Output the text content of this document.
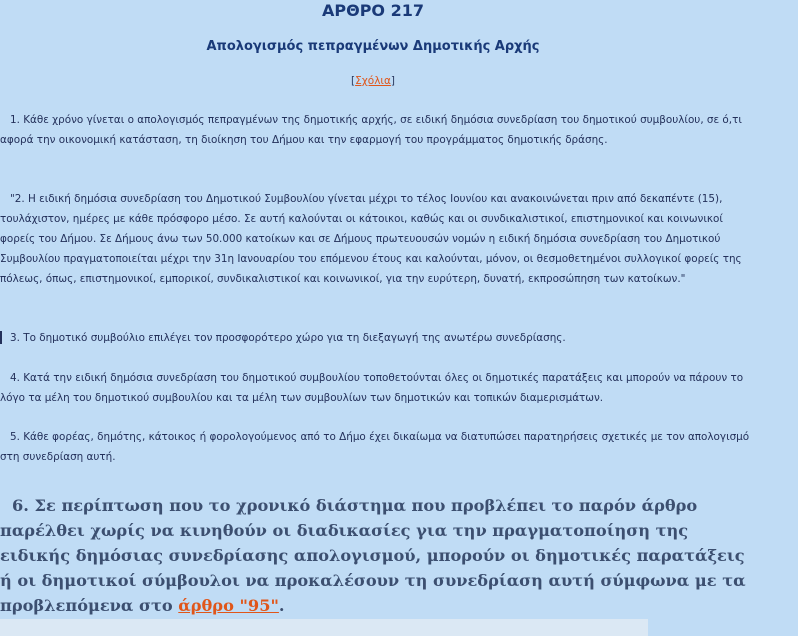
ΑΡΘΡΟ 217
Απολογισμός πεπραγμένων Δημοτικής Αρχής
[Σχόλια]

1. Κάθε χρόνο γίνεται ο απολογισμός πεπραγμένων της δημοτικής αρχής, σε ειδική δημόσια συνεδρίαση του δημοτικού συμβουλίου, σε ό,τι αφορά την οικονομική κατάσταση, τη διοίκηση του Δήμου και την εφαρμογή του προγράμματος δημοτικής δράσης.

"2. Η ειδική δημόσια συνεδρίαση του Δημοτικού Συμβουλίου γίνεται μέχρι το τέλος Ιουνίου και ανακοινώνεται πριν από δεκαπέντε (15), τουλάχιστον, ημέρες με κάθε πρόσφορο μέσο. Σε αυτή καλούνται οι κάτοικοι, καθώς και οι συνδικαλιστικοί, επιστημονικοί και κοινωνικοί φορείς του Δήμου. Σε Δήμους άνω των 50.000 κατοίκων και σε Δήμους πρωτευουσών νομών η ειδική δημόσια συνεδρίαση του Δημοτικού Συμβουλίου πραγματοποιείται μέχρι την 31η Ιανουαρίου του επόμενου έτους και καλούνται, μόνον, οι θεσμοθετημένοι συλλογικοί φορείς της πόλεως, όπως, επιστημονικοί, εμπορικοί, συνδικαλιστικοί και κοινωνικοί, για την ευρύτερη, δυνατή, εκπροσώπηση των κατοίκων."

3. Το δημοτικό συμβούλιο επιλέγει τον προσφορότερο χώρο για τη διεξαγωγή της ανωτέρω συνεδρίασης.

4. Κατά την ειδική δημόσια συνεδρίαση του δημοτικού συμβουλίου τοποθετούνται όλες οι δημοτικές παρατάξεις και μπορούν να πάρουν το λόγο τα μέλη του δημοτικού συμβουλίου και τα μέλη των συμβουλίων των δημοτικών και τοπικών διαμερισμάτων.

5. Κάθε φορέας, δημότης, κάτοικος ή φορολογούμενος από το Δήμο έχει δικαίωμα να διατυπώσει παρατηρήσεις σχετικές με τον απολογισμό στη συνεδρίαση αυτή.

6. Σε περίπτωση που το χρονικό διάστημα που προβλέπει το παρόν άρθρο παρέλθει χωρίς να κινηθούν οι διαδικασίες για την πραγματοποίηση της ειδικής δημόσιας συνεδρίασης απολογισμού, μπορούν οι δημοτικές παρατάξεις ή οι δημοτικοί σύμβουλοι να προκαλέσουν τη συνεδρίαση αυτή σύμφωνα με τα προβλεπόμενα στο άρθρο "95".
